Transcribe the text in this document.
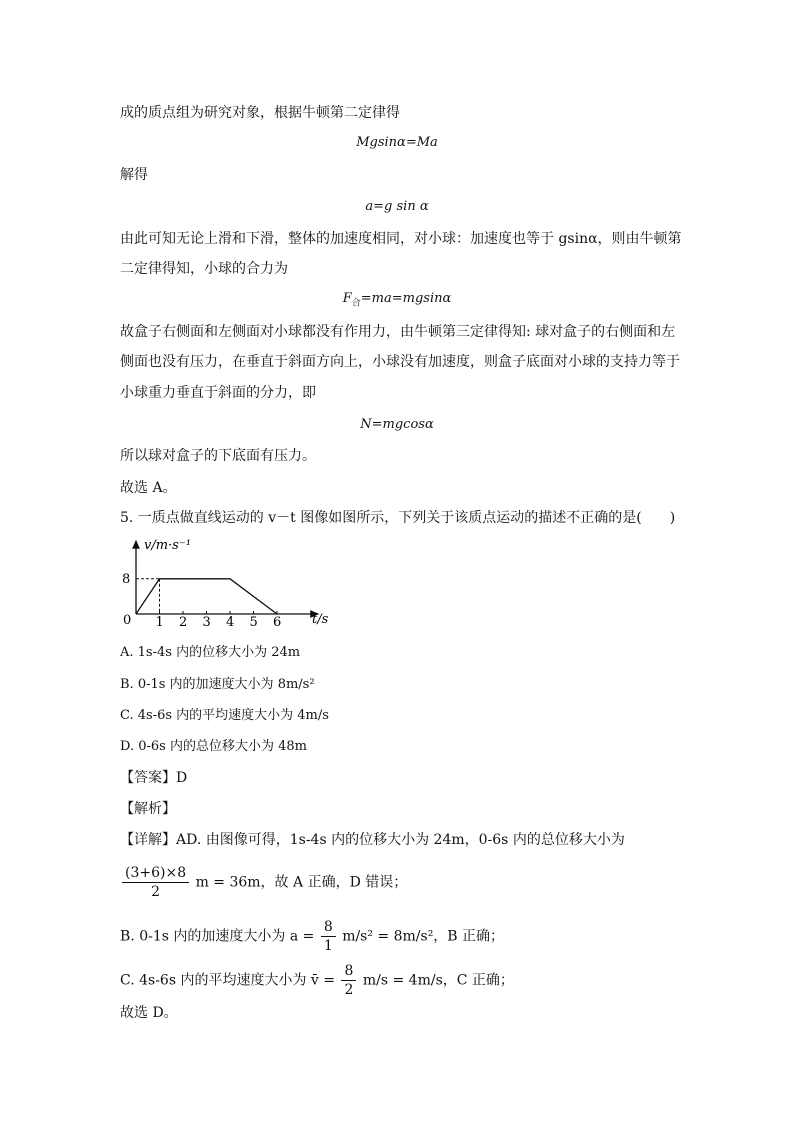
成的质点组为研究对象，根据牛顿第二定律得
Mgsinα=Ma
解得
a=g sin α
由此可知无论上滑和下滑，整体的加速度相同，对小球：加速度也等于 gsinα，则由牛顿第
二定律得知，小球的合力为
$F_合=ma=mgsin\alpha$
故盒子右侧面和左侧面对小球都没有作用力，由牛顿第三定律得知: 球对盒子的右侧面和左
侧面也没有压力，在垂直于斜面方向上，小球没有加速度，则盒子底面对小球的支持力等于
小球重力垂直于斜面的分力，即
N=mgcosα
所以球对盒子的下底面有压力。
故选 A。
5. 一质点做直线运动的 v－t 图像如图所示，下列关于该质点运动的描述不正确的是(　　)
v/m·s⁻¹
t/s
0 1 2 3 4 5 6
8
A. 1s-4s 内的位移大小为 24m
B. 0-1s 内的加速度大小为 8m/s²
C. 4s-6s 内的平均速度大小为 4m/s
D. 0-6s 内的总位移大小为 48m
【答案】D
【解析】
【详解】AD. 由图像可得，1s-4s 内的位移大小为 24m，0-6s 内的总位移大小为
$\frac{(3+6)\times 8}{2}$ m = 36m，故 A 正确，D 错误；
B. 0-1s 内的加速度大小为 $a = \frac{8}{1} m/s^2 = 8m/s^2$，B 正确；
C. 4s-6s 内的平均速度大小为 v̄ = $\frac{8}{2} m/s = 4m/s$，C 正确；
故选 D。
